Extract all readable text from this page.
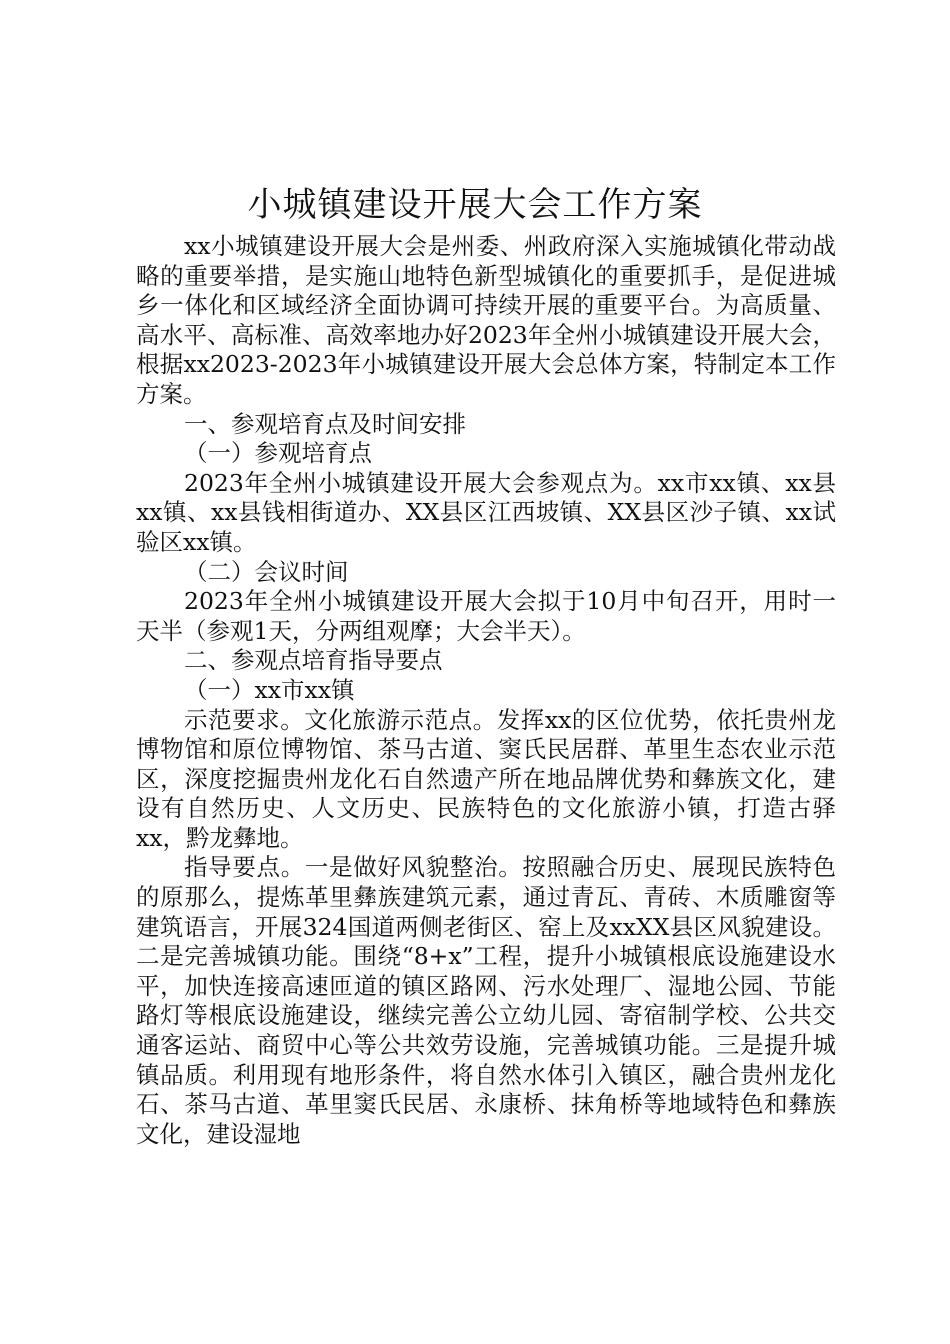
小城镇建设开展大会工作方案

xx小城镇建设开展大会是州委、州政府深入实施城镇化带动战略的重要举措，是实施山地特色新型城镇化的重要抓手，是促进城乡一体化和区域经济全面协调可持续开展的重要平台。为高质量、高水平、高标准、高效率地办好2023年全州小城镇建设开展大会，根据xx2023-2023年小城镇建设开展大会总体方案，特制定本工作方案。

一、参观培育点及时间安排

（一）参观培育点

2023年全州小城镇建设开展大会参观点为。xx市xx镇、xx县xx镇、xx县钱相街道办、XX县区江西坡镇、XX县区沙子镇、xx试验区xx镇。

（二）会议时间

2023年全州小城镇建设开展大会拟于10月中旬召开，用时一天半（参观1天，分两组观摩；大会半天）。

二、参观点培育指导要点

（一）xx市xx镇

示范要求。文化旅游示范点。发挥xx的区位优势，依托贵州龙博物馆和原位博物馆、茶马古道、窦氏民居群、革里生态农业示范区，深度挖掘贵州龙化石自然遗产所在地品牌优势和彝族文化，建设有自然历史、人文历史、民族特色的文化旅游小镇，打造古驿xx，黔龙彝地。

指导要点。一是做好风貌整治。按照融合历史、展现民族特色的原那么，提炼革里彝族建筑元素，通过青瓦、青砖、木质雕窗等建筑语言，开展324国道两侧老街区、窑上及xxXX县区风貌建设。二是完善城镇功能。围绕“8+x”工程，提升小城镇根底设施建设水平，加快连接高速匝道的镇区路网、污水处理厂、湿地公园、节能路灯等根底设施建设，继续完善公立幼儿园、寄宿制学校、公共交通客运站、商贸中心等公共效劳设施，完善城镇功能。三是提升城镇品质。利用现有地形条件，将自然水体引入镇区，融合贵州龙化石、茶马古道、革里窦氏民居、永康桥、抹角桥等地域特色和彝族文化，建设湿地
